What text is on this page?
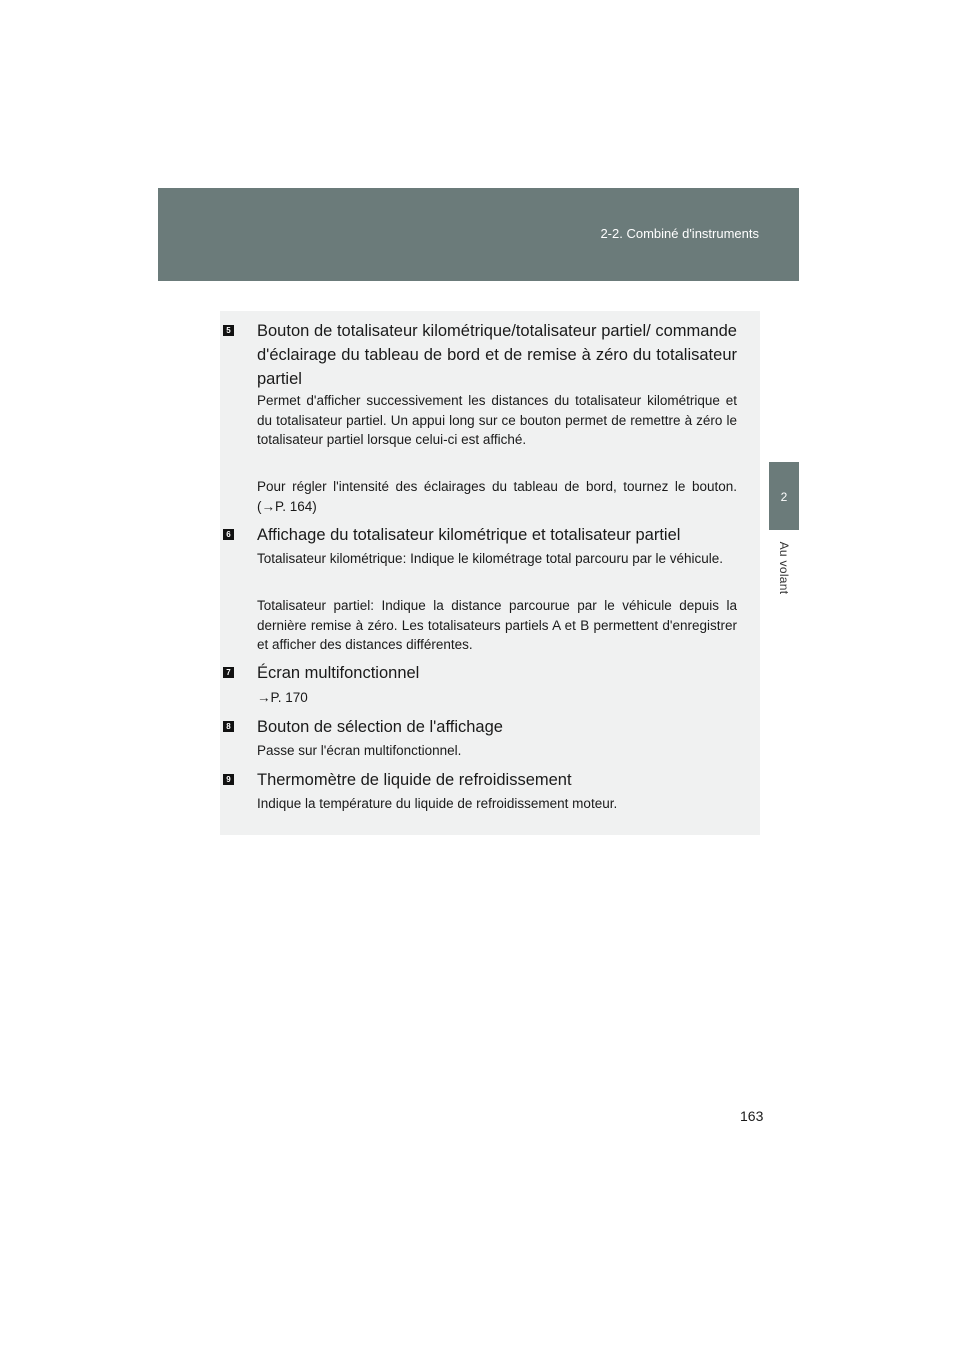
2-2. Combiné d'instruments
2
Au volant
5 Bouton de totalisateur kilométrique/totalisateur partiel/ commande d'éclairage du tableau de bord et de remise à zéro du totalisateur partiel
Permet d'afficher successivement les distances du totalisateur kilométrique et du totalisateur partiel. Un appui long sur ce bouton permet de remettre à zéro le totalisateur partiel lorsque celui-ci est affiché.
Pour régler l'intensité des éclairages du tableau de bord, tournez le bouton. (→P. 164)
6 Affichage du totalisateur kilométrique et totalisateur partiel
Totalisateur kilométrique: Indique le kilométrage total parcouru par le véhicule.
Totalisateur partiel: Indique la distance parcourue par le véhicule depuis la dernière remise à zéro. Les totalisateurs partiels A et B permettent d'enregistrer et afficher des distances différentes.
7 Écran multifonctionnel
→P. 170
8 Bouton de sélection de l'affichage
Passe sur l'écran multifonctionnel.
9 Thermomètre de liquide de refroidissement
Indique la température du liquide de refroidissement moteur.
163
